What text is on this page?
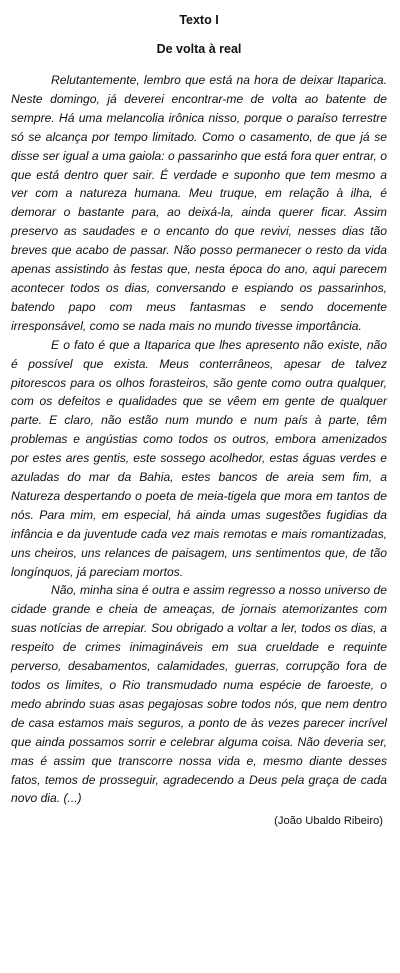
Texto I
De volta à real

Relutantemente, lembro que está na hora de deixar Itaparica. Neste domingo, já deverei encontrar-me de volta ao batente de sempre. Há uma melancolia irônica nisso, porque o paraíso terrestre só se alcança por tempo limitado. Como o casamento, de que já se disse ser igual a uma gaiola: o passarinho que está fora quer entrar, o que está dentro quer sair. É verdade e suponho que tem mesmo a ver com a natureza humana. Meu truque, em relação à ilha, é demorar o bastante para, ao deixá-la, ainda querer ficar. Assim preservo as saudades e o encanto do que revivi, nesses dias tão breves que acabo de passar. Não posso permanecer o resto da vida apenas assistindo às festas que, nesta época do ano, aqui parecem acontecer todos os dias, conversando e espiando os passarinhos, batendo papo com meus fantasmas e sendo docemente irresponsável, como se nada mais no mundo tivesse importância.

E o fato é que a Itaparica que lhes apresento não existe, não é possível que exista. Meus conterrâneos, apesar de talvez pitorescos para os olhos forasteiros, são gente como outra qualquer, com os defeitos e qualidades que se vêem em gente de qualquer parte. E claro, não estão num mundo e num país à parte, têm problemas e angústias como todos os outros, embora amenizados por estes ares gentis, este sossego acolhedor, estas águas verdes e azuladas do mar da Bahia, estes bancos de areia sem fim, a Natureza despertando o poeta de meia-tigela que mora em tantos de nós. Para mim, em especial, há ainda umas sugestões fugidias da infância e da juventude cada vez mais remotas e mais romantizadas, uns cheiros, uns relances de paisagem, uns sentimentos que, de tão longínquos, já pareciam mortos.

Não, minha sina é outra e assim regresso a nosso universo de cidade grande e cheia de ameaças, de jornais atemorizantes com suas notícias de arrepiar. Sou obrigado a voltar a ler, todos os dias, a respeito de crimes inimagináveis em sua crueldade e requinte perverso, desabamentos, calamidades, guerras, corrupção fora de todos os limites, o Rio transmudado numa espécie de faroeste, o medo abrindo suas asas pegajosas sobre todos nós, que nem dentro de casa estamos mais seguros, a ponto de às vezes parecer incrível que ainda possamos sorrir e celebrar alguma coisa. Não deveria ser, mas é assim que transcorre nossa vida e, mesmo diante desses fatos, temos de prosseguir, agradecendo a Deus pela graça de cada novo dia. (...)

(João Ubaldo Ribeiro)
